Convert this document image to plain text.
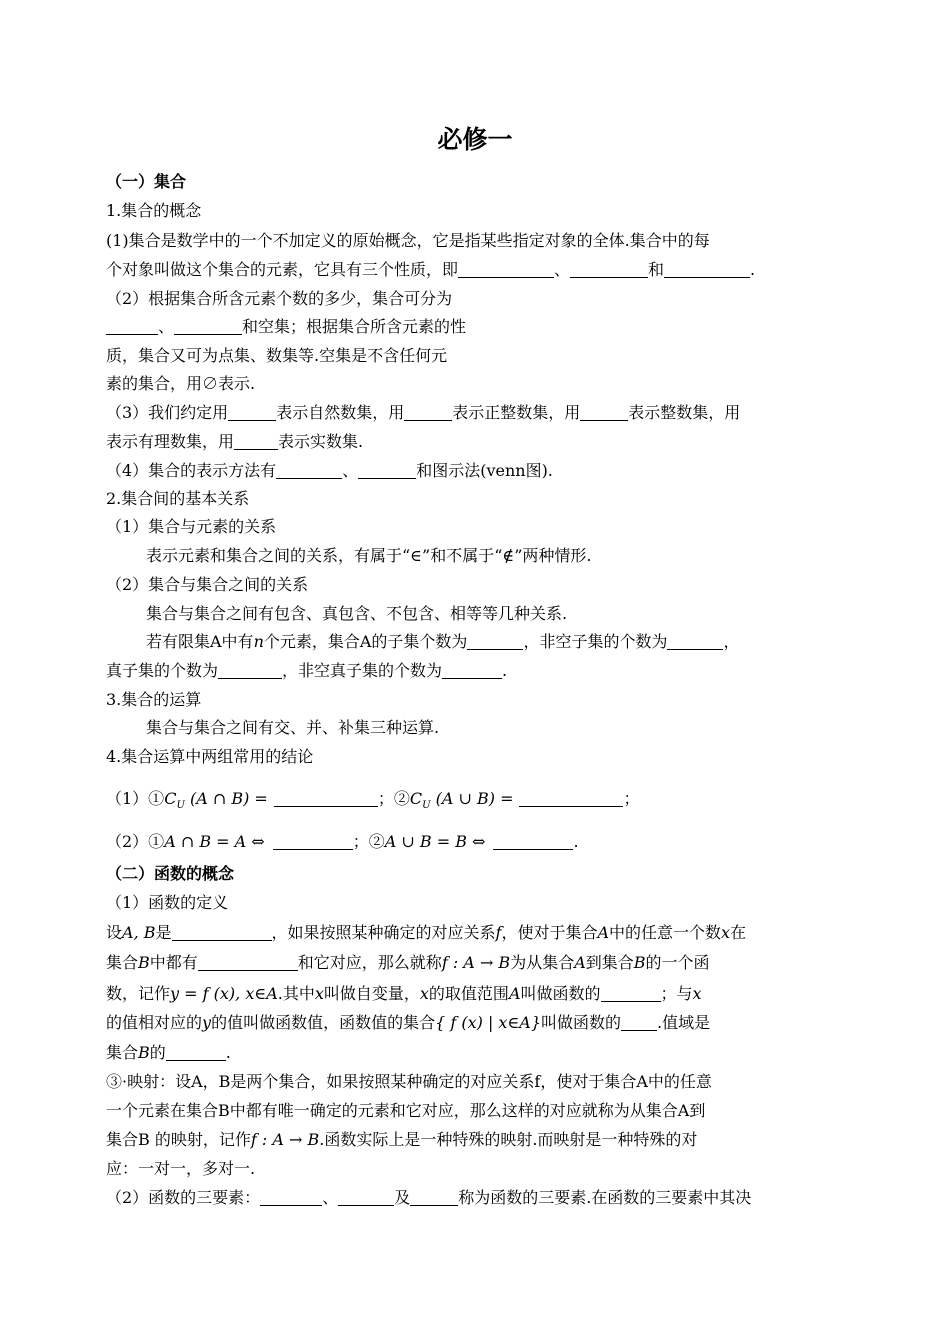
必修一
（一）集合
1.集合的概念
(1)集合是数学中的一个不加定义的原始概念，它是指某些指定对象的全体.集合中的每
个对象叫做这个集合的元素，它具有三个性质，即	、	和	.
（2）根据集合所含元素个数的多少，集合可分为
、	和空集；根据集合所含元素的性
质，集合又可为点集、数集等.空集是不含任何元
素的集合，用∅表示.
（3）我们约定用	表示自然数集，用	表示正整数集，用	表示整数集，用
表示有理数集，用	表示实数集.
（4）集合的表示方法有	、	和图示法(venn图).
2.集合间的基本关系
（1）集合与元素的关系
表示元素和集合之间的关系，有属于“∈”和不属于“∉”两种情形.
（2）集合与集合之间的关系
集合与集合之间有包含、真包含、不包含、相等等几种关系.
若有限集A中有n个元素，集合A的子集个数为	，非空子集的个数为	，
真子集的个数为	，非空真子集的个数为	.
3.集合的运算
集合与集合之间有交、并、补集三种运算.
4.集合运算中两组常用的结论
$(1)①C_U$ (A ∩ B) =	；$②C_U$ (A ∪ B) =	；
（2）①A ∩ B = A ⇔	；②A ∪ B = B ⇔	.
（二）函数的概念
（1）函数的定义
设A, B是	，如果按照某种确定的对应关系f，使对于集合A中的任意一个数x在
集合B中都有	和它对应，那么就称f : A → B为从集合A到集合B的一个函
数，记作y = f (x), x∈A.其中x叫做自变量，x的取值范围A叫做函数的	；与x
的值相对应的y的值叫做函数值，函数值的集合{ f (x) | x∈A}叫做函数的 .值域是
集合B的	.
③·映射：设A，B是两个集合，如果按照某种确定的对应关系f，使对于集合A中的任意
一个元素在集合B中都有唯一确定的元素和它对应，那么这样的对应就称为从集合A到
集合B 的映射，记作f : A → B.函数实际上是一种特殊的映射.而映射是一种特殊的对
应：一对一，多对一.
（2）函数的三要素：	、	及	称为函数的三要素.在函数的三要素中其决
